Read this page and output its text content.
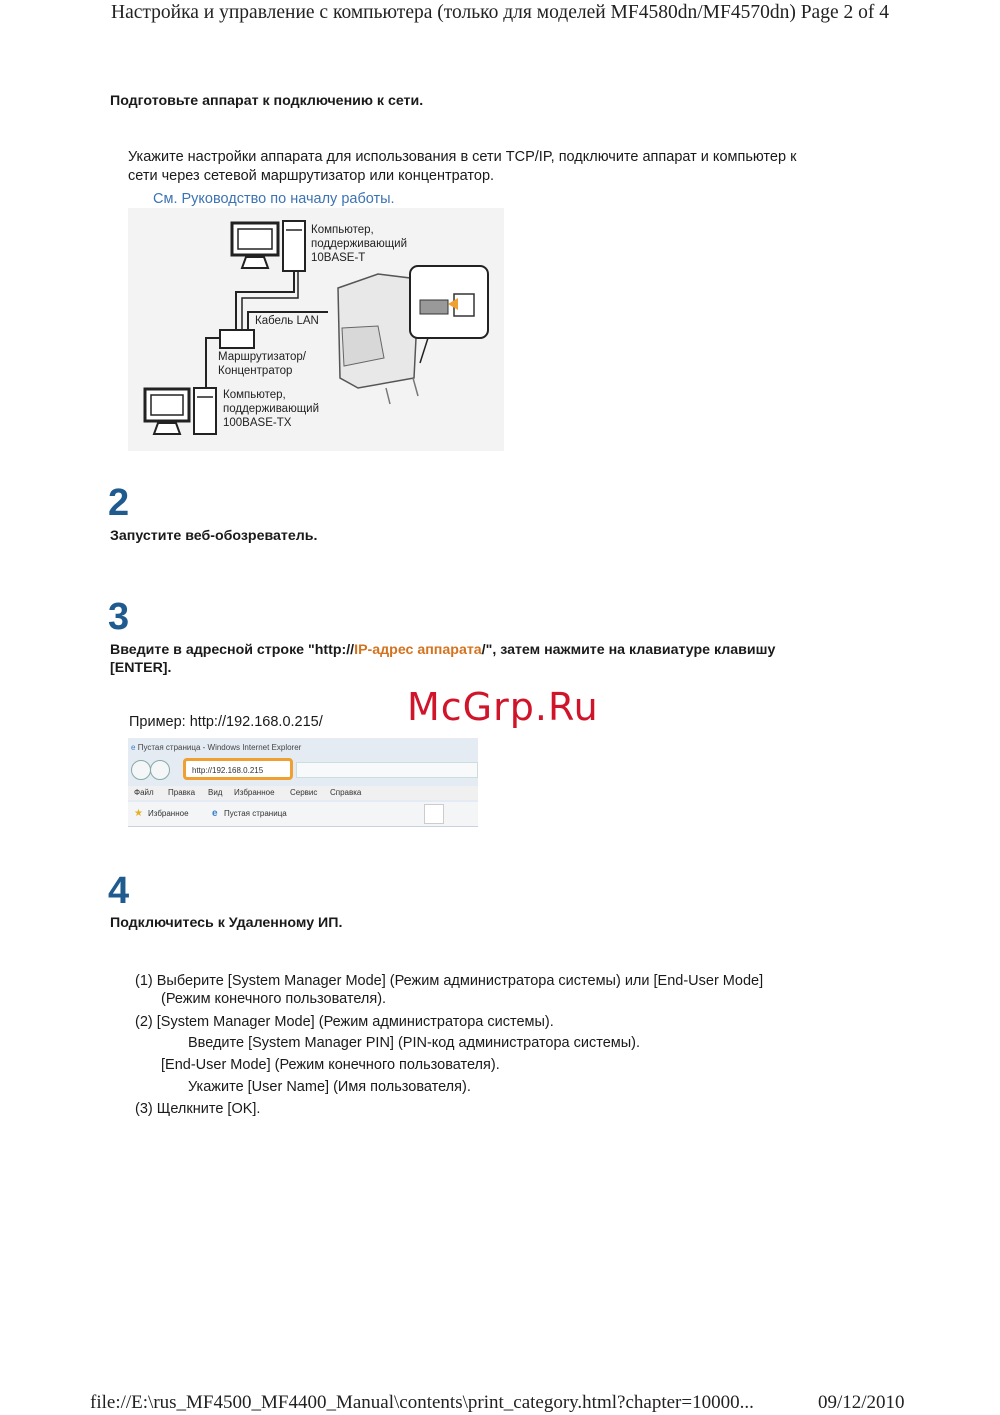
Настройка и управление с компьютера (только для моделей MF4580dn/MF4570dn) Page 2 of 4
Подготовьте аппарат к подключению к сети.
Укажите настройки аппарата для использования в сети TCP/IP, подключите аппарат и компьютер к
сети через сетевой маршрутизатор или концентратор.
См. Руководство по началу работы.
Компьютер,
поддерживающий
10BASE-T
Кабель LAN
Маршрутизатор/
Концентратор
Компьютер,
поддерживающий
100BASE-TX
2
Запустите веб-обозреватель.
3
Введите в адресной строке "http://IP-адрес аппарата/", затем нажмите на клавиатуре клавишу
[ENTER].
Пример: http://192.168.0.215/ McGrp.Ru
e Пустая страница - Windows Internet Explorer
http://192.168.0.215
Файл Правка Вид Избранное Сервис Справка
★ Избранное e Пустая страница
4
Подключитесь к Удаленному ИП.
(1) Выберите [System Manager Mode] (Режим администратора системы) или [End-User Mode]
(Режим конечного пользователя).
(2) [System Manager Mode] (Режим администратора системы).
Введите [System Manager PIN] (PIN-код администратора системы).
[End-User Mode] (Режим конечного пользователя).
Укажите [User Name] (Имя пользователя).
(3) Щелкните [OK].
file://E:\rus_MF4500_MF4400_Manual\contents\print_category.html?chapter=10000...	09/12/2010
